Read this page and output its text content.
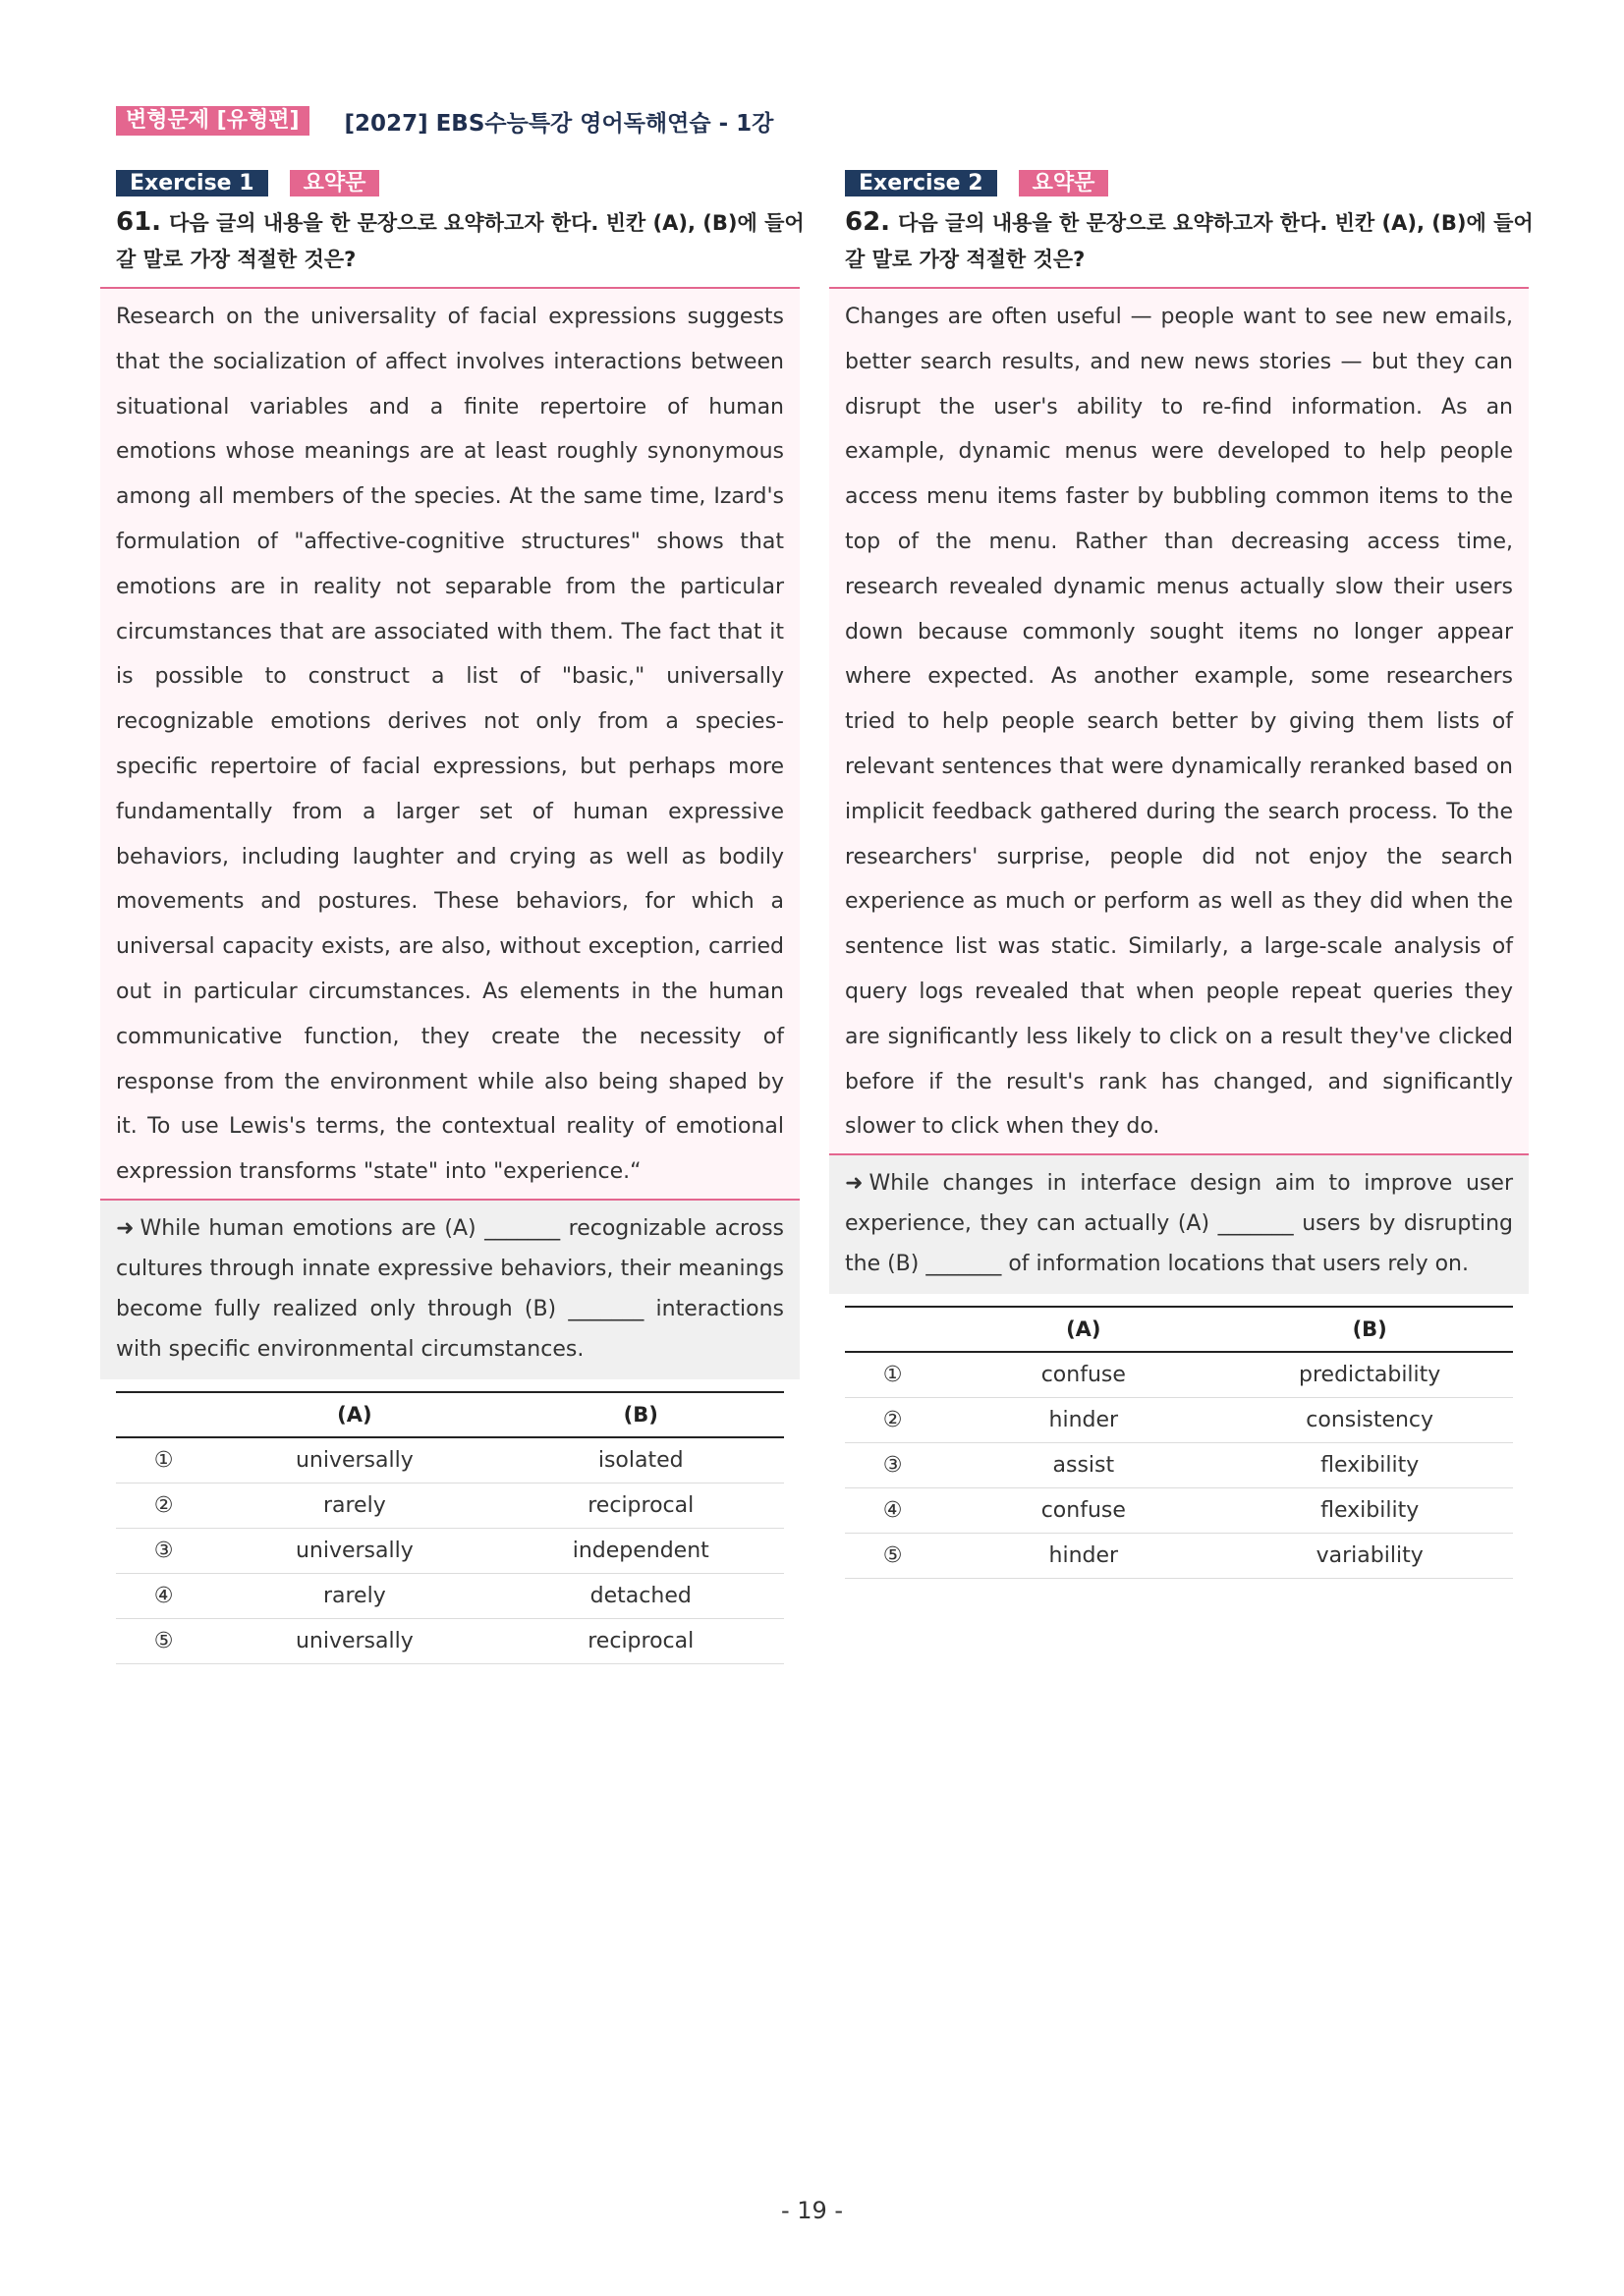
변형문제 [유형편]	[2027] EBS수능특강 영어독해연습 - 1강
Exercise 1	요약문
61. 다음 글의 내용을 한 문장으로 요약하고자 한다. 빈칸 (A), (B)에 들어갈 말로 가장 적절한 것은?
Research on the universality of facial expressions suggests that the socialization of affect involves interactions between situational variables and a finite repertoire of human emotions whose meanings are at least roughly synonymous among all members of the species. At the same time, Izard's formulation of "affective-cognitive structures" shows that emotions are in reality not separable from the particular circumstances that are associated with them. The fact that it is possible to construct a list of "basic," universally recognizable emotions derives not only from a species-specific repertoire of facial expressions, but perhaps more fundamentally from a larger set of human expressive behaviors, including laughter and crying as well as bodily movements and postures. These behaviors, for which a universal capacity exists, are also, without exception, carried out in particular circumstances. As elements in the human communicative function, they create the necessity of response from the environment while also being shaped by it. To use Lewis's terms, the contextual reality of emotional expression transforms "state" into "experience.“
➜ While human emotions are (A) _______ recognizable across cultures through innate expressive behaviors, their meanings become fully realized only through (B) _______ interactions with specific environmental circumstances.
	(A)	(B)
①	universally	isolated
②	rarely	reciprocal
③	universally	independent
④	rarely	detached
⑤	universally	reciprocal
Exercise 2	요약문
62. 다음 글의 내용을 한 문장으로 요약하고자 한다. 빈칸 (A), (B)에 들어갈 말로 가장 적절한 것은?
Changes are often useful — people want to see new emails, better search results, and new news stories — but they can disrupt the user's ability to re-find information. As an example, dynamic menus were developed to help people access menu items faster by bubbling common items to the top of the menu. Rather than decreasing access time, research revealed dynamic menus actually slow their users down because commonly sought items no longer appear where expected. As another example, some researchers tried to help people search better by giving them lists of relevant sentences that were dynamically reranked based on implicit feedback gathered during the search process. To the researchers' surprise, people did not enjoy the search experience as much or perform as well as they did when the sentence list was static. Similarly, a large-scale analysis of query logs revealed that when people repeat queries they are significantly less likely to click on a result they've clicked before if the result's rank has changed, and significantly slower to click when they do.
➜ While changes in interface design aim to improve user experience, they can actually (A) _______ users by disrupting the (B) _______ of information locations that users rely on.
	(A)	(B)
①	confuse	predictability
②	hinder	consistency
③	assist	flexibility
④	confuse	flexibility
⑤	hinder	variability
- 19 -
